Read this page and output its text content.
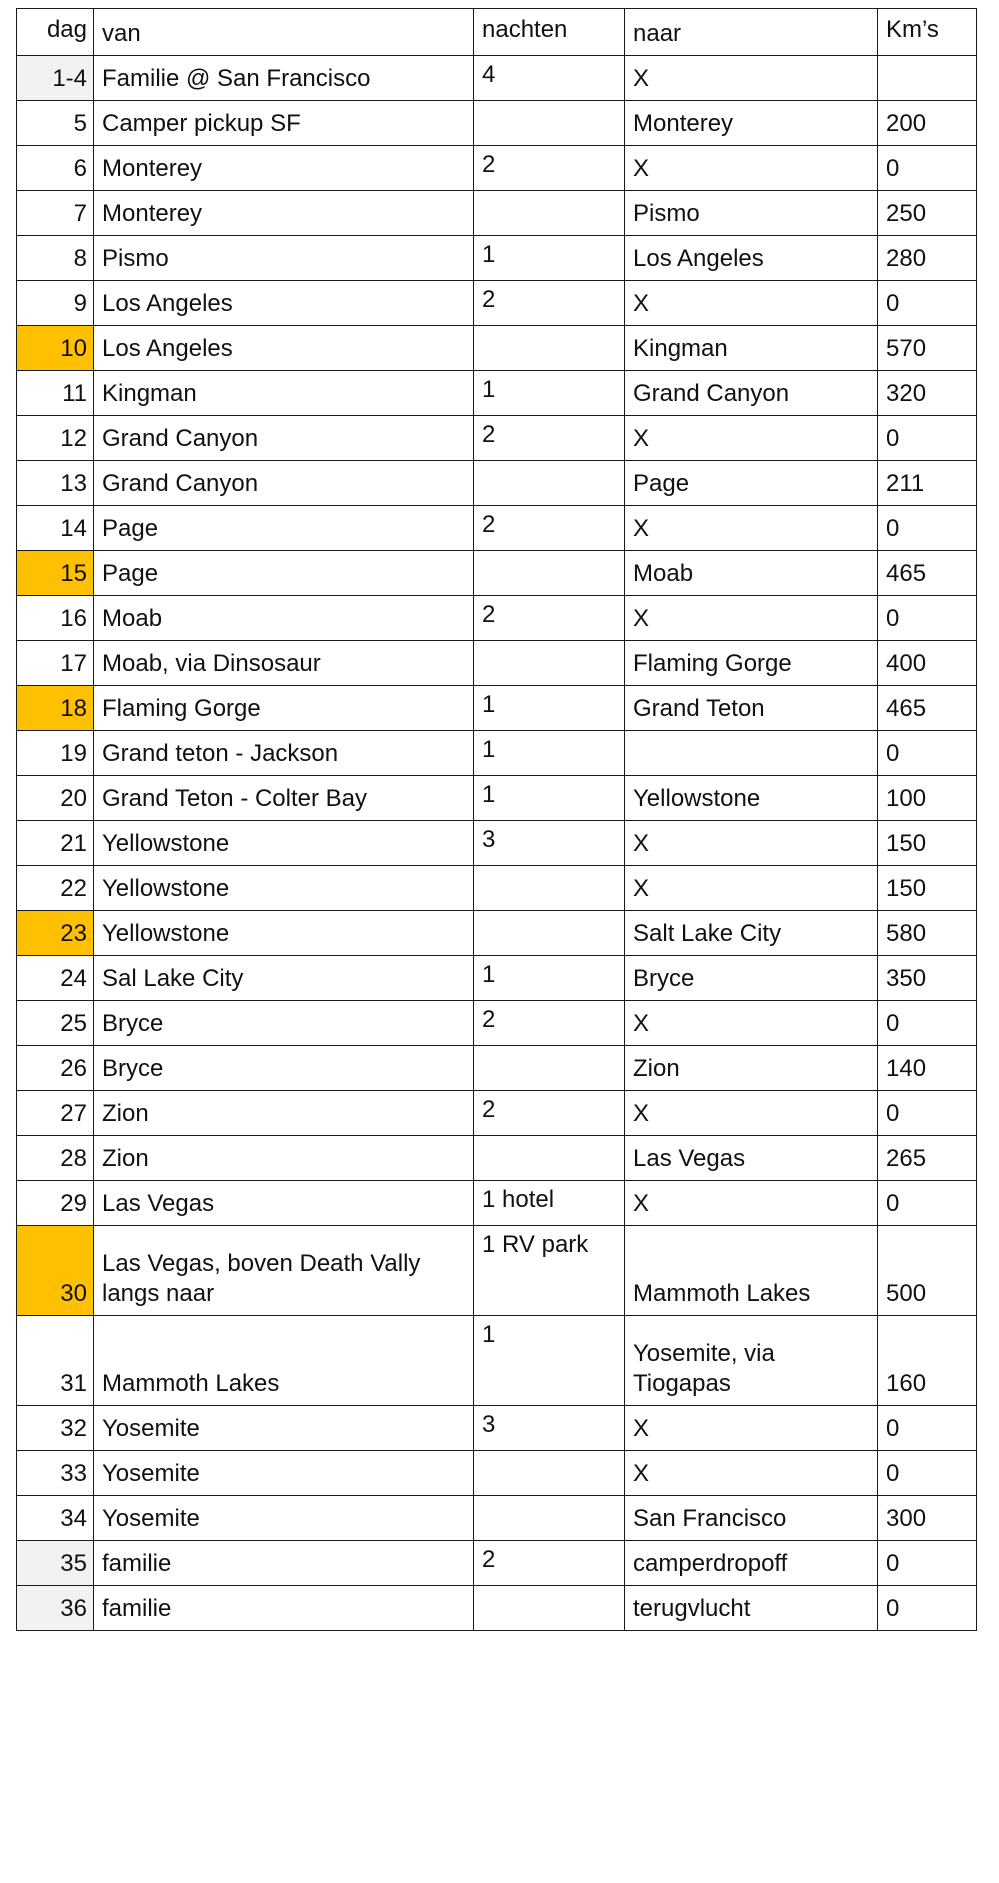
dag	van	nachten	naar	Km’s
1-4	Familie @ San Francisco	4	X	
5	Camper pickup SF		Monterey	200
6	Monterey	2	X	0
7	Monterey		Pismo	250
8	Pismo	1	Los Angeles	280
9	Los Angeles	2	X	0
10	Los Angeles		Kingman	570
11	Kingman	1	Grand Canyon	320
12	Grand Canyon	2	X	0
13	Grand Canyon		Page	211
14	Page	2	X	0
15	Page		Moab	465
16	Moab	2	X	0
17	Moab, via Dinsosaur		Flaming Gorge	400
18	Flaming Gorge	1	Grand Teton	465
19	Grand teton - Jackson	1		0
20	Grand Teton - Colter Bay	1	Yellowstone	100
21	Yellowstone	3	X	150
22	Yellowstone		X	150
23	Yellowstone		Salt Lake City	580
24	Sal Lake City	1	Bryce	350
25	Bryce	2	X	0
26	Bryce		Zion	140
27	Zion	2	X	0
28	Zion		Las Vegas	265
29	Las Vegas	1 hotel	X	0
30	Las Vegas, boven Death Vally langs naar	1 RV park	Mammoth Lakes	500
31	Mammoth Lakes	1	Yosemite, via Tiogapas	160
32	Yosemite	3	X	0
33	Yosemite		X	0
34	Yosemite		San Francisco	300
35	familie	2	camperdropoff	0
36	familie		terugvlucht	0
